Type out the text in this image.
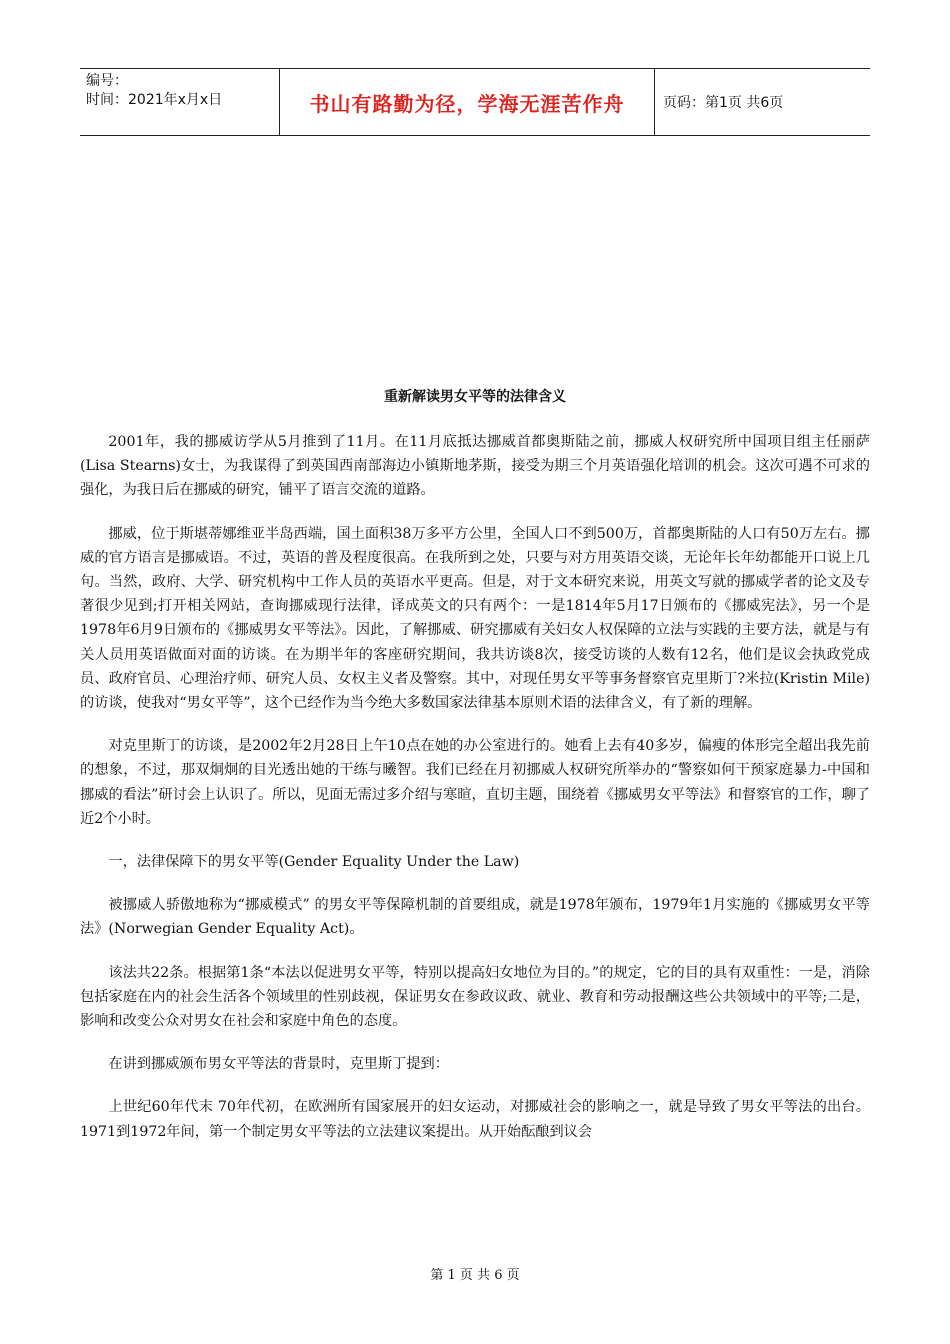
编号：
时间：2021年x月x日	书山有路勤为径，学海无涯苦作舟	页码：第1页 共6页
重新解读男女平等的法律含义

2001年，我的挪威访学从5月推到了11月。在11月底抵达挪威首都奥斯陆之前，挪威人权研究所中国项目组主任丽萨(Lisa Stearns)女士，为我谋得了到英国西南部海边小镇斯地茅斯，接受为期三个月英语强化培训的机会。这次可遇不可求的强化，为我日后在挪威的研究，铺平了语言交流的道路。

挪威，位于斯堪蒂娜维亚半岛西端，国土面积38万多平方公里，全国人口不到500万，首都奥斯陆的人口有50万左右。挪威的官方语言是挪威语。不过，英语的普及程度很高。在我所到之处，只要与对方用英语交谈，无论年长年幼都能开口说上几句。当然，政府、大学、研究机构中工作人员的英语水平更高。但是，对于文本研究来说，用英文写就的挪威学者的论文及专著很少见到;打开相关网站，查询挪威现行法律，译成英文的只有两个：一是1814年5月17日颁布的《挪威宪法》，另一个是1978年6月9日颁布的《挪威男女平等法》。因此，了解挪威、研究挪威有关妇女人权保障的立法与实践的主要方法，就是与有关人员用英语做面对面的访谈。在为期半年的客座研究期间，我共访谈8次，接受访谈的人数有12名，他们是议会执政党成员、政府官员、心理治疗师、研究人员、女权主义者及警察。其中，对现任男女平等事务督察官克里斯丁?米拉(Kristin Mile)的访谈，使我对“男女平等”，这个已经作为当今绝大多数国家法律基本原则术语的法律含义，有了新的理解。

对克里斯丁的访谈，是2002年2月28日上午10点在她的办公室进行的。她看上去有40多岁，偏瘦的体形完全超出我先前的想象，不过，那双炯炯的目光透出她的干练与曦智。我们已经在月初挪威人权研究所举办的“警察如何干预家庭暴力-中国和挪威的看法”研讨会上认识了。所以，见面无需过多介绍与寒暄，直切主题，围绕着《挪威男女平等法》和督察官的工作，聊了近2个小时。

一，法律保障下的男女平等(Gender Equality Under the Law)

被挪威人骄傲地称为“挪威模式” 的男女平等保障机制的首要组成，就是1978年颁布，1979年1月实施的《挪威男女平等法》(Norwegian Gender Equality Act)。

该法共22条。根据第1条“本法以促进男女平等，特别以提高妇女地位为目的。”的规定，它的目的具有双重性：一是，消除包括家庭在内的社会生活各个领域里的性别歧视，保证男女在参政议政、就业、教育和劳动报酬这些公共领域中的平等;二是，影响和改变公众对男女在社会和家庭中角色的态度。

在讲到挪威颁布男女平等法的背景时，克里斯丁提到：

上世纪60年代末 70年代初，在欧洲所有国家展开的妇女运动，对挪威社会的影响之一，就是导致了男女平等法的出台。1971到1972年间，第一个制定男女平等法的立法建议案提出。从开始酝酿到议会

第 1 页 共 6 页
